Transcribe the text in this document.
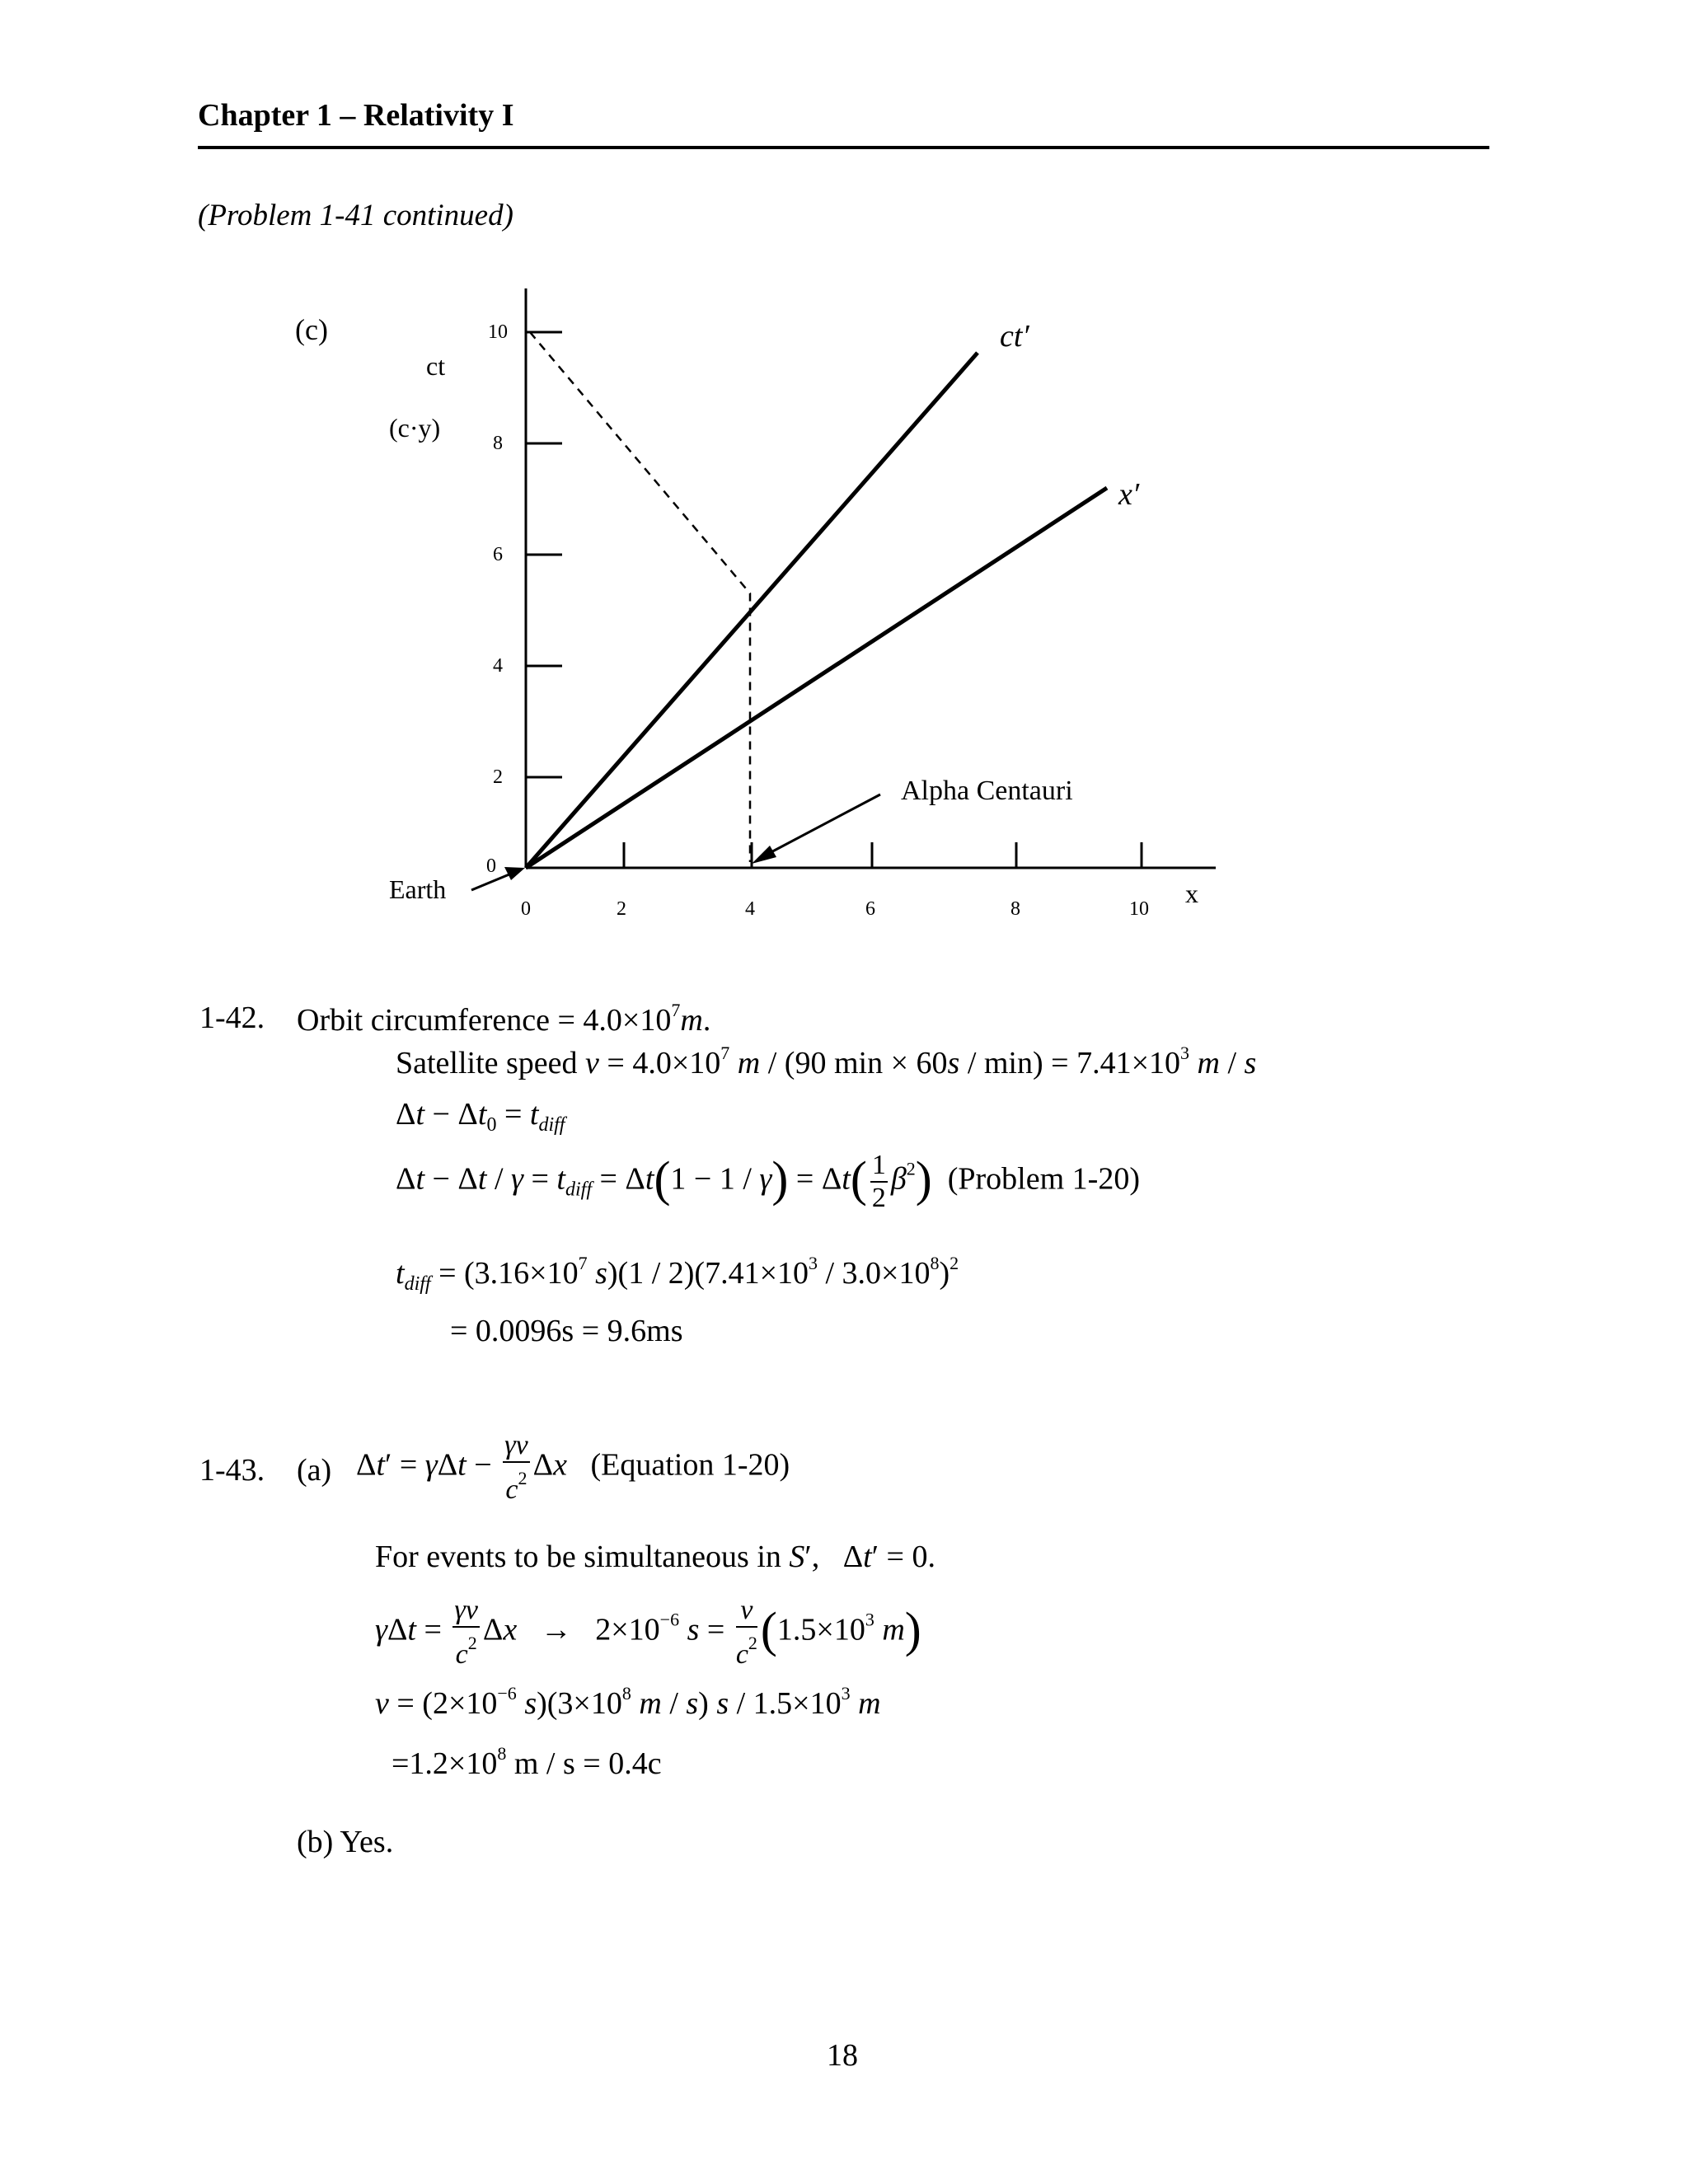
Chapter 1 – Relativity I
(Problem 1-41 continued)
(c)
ct
(c·y)
10
8
6
4
2
0
0	2	4	6	8	10
x
ct′
x′
Alpha Centauri
Earth
1-42. Orbit circumference = $4.0\times 10^7m$.
Satellite speed $v = 4.0\times 10^7$ m / (90 $\min \times 60s / \min) = 7.41\times 10^3$ m / s
$\Delta t - \Delta t_0 = t_{diff}$
$\Delta t - \Delta t / \gamma = t_{diff} = \Delta t(1 - 1 / \gamma) = \Delta t( \frac{1}{2} \beta^2)$ (Problem 1-20)
$t_{diff} = (3.16\times 10^7$ $s)(1 / 2)(7.41\times 10^3 / 3.0\times 10^8)^2$
= 0.0096s = 9.6ms
1-43. (a) $\Delta t' = \gamma\Delta t - \frac{\gamma v}{c^2}$ Δx (Equation 1-20)
For events to be simultaneous in S′,   Δt′ = 0.
$\gamma\Delta t = \frac{\gamma v}{c^2}$ $\Delta x \to 2\times 10^{-6}$ $s = \frac{v}{c^2} (1.5\times 10^3$ m)
$v = (2\times 10^{-6}$ $s)(3\times 10^8$ m / s) $s / 1.5\times 10^3$ m
$=1.2\times 10^8$ m / s = 0.4c
(b) Yes.
18
